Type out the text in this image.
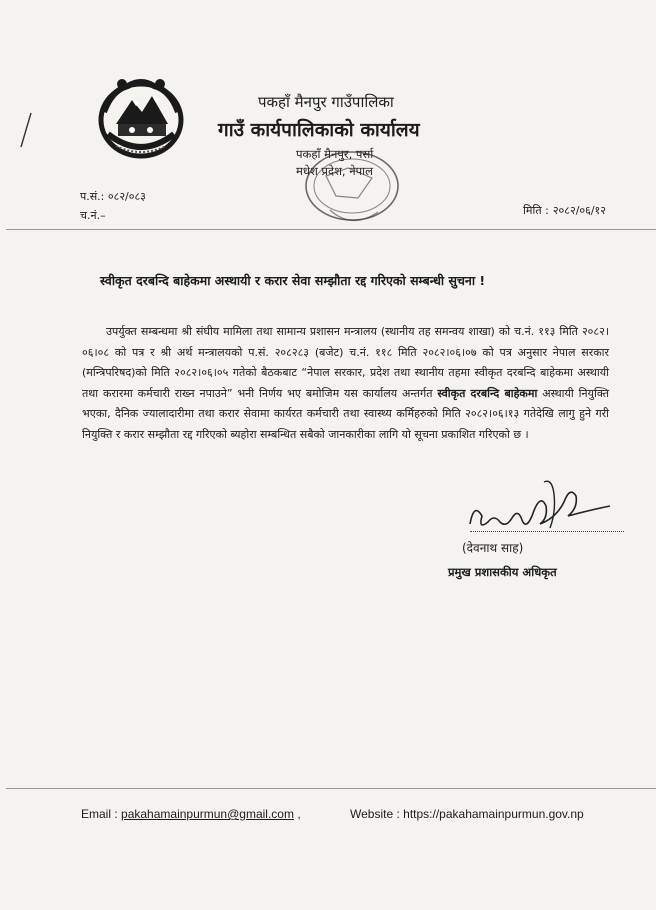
पकहाँ मैनपुर गाउँपालिका
गाउँ कार्यपालिकाको कार्यालय
पकहाँ मैनपुर, पर्सा
मधेश प्रदेश, नेपाल
प.सं.: ०८२/०८३
च.नं.–	मिति : २०८२/०६/१२
स्वीकृत दरबन्दि बाहेकमा अस्थायी र करार सेवा सम्झौता रद्द गरिएको सम्बन्धी सुचना !

उपर्युक्त सम्बन्धमा श्री संघीय मामिला तथा सामान्य प्रशासन मन्त्रालय (स्थानीय तह समन्वय शाखा) को च.नं. ११३ मिति २०८२।०६।०८ को पत्र र श्री अर्थ मन्त्रालयको प.सं. २०८२८३ (बजेट) च.नं. ११८ मिति २०८२।०६।०७ को पत्र अनुसार नेपाल सरकार (मन्त्रिपरिषद)को मिति २०८२।०६।०५ गतेको बैठकबाट “नेपाल सरकार, प्रदेश तथा स्थानीय तहमा स्वीकृत दरबन्दि बाहेकमा अस्थायी तथा करारमा कर्मचारी राख्न नपाउने” भनी निर्णय भए बमोजिम यस कार्यालय अन्तर्गत स्वीकृत दरबन्दि बाहेकमा अस्थायी नियुक्ति भएका, दैनिक ज्यालादारीमा तथा करार सेवामा कार्यरत कर्मचारी तथा स्वास्थ्य कर्मिहरुको मिति २०८२।०६।१३ गतेदेखि लागु हुने गरी नियुक्ति र करार सम्झौता रद्द गरिएको ब्यहोरा सम्बन्धित सबैको जानकारीका लागि यो सूचना प्रकाशित गरिएको छ ।

(देवनाथ साह)
प्रमुख प्रशासकीय अधिकृत
Email : pakahamainpurmun@gmail.com ,	Website : https://pakahamainpurmun.gov.np
